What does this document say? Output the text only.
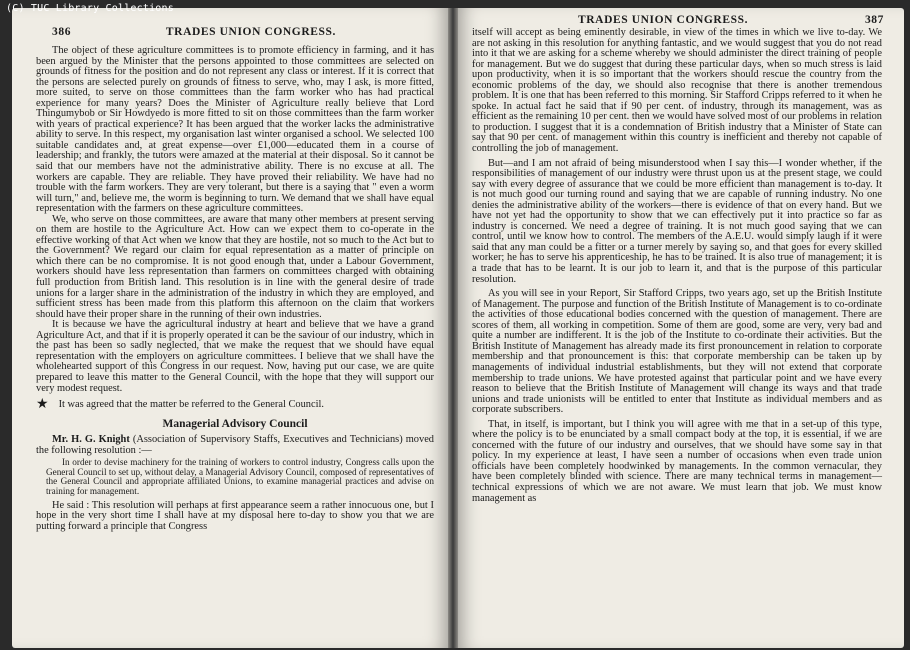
(C) TUC Library Collections
386	TRADES UNION CONGRESS.

The object of these agriculture committees is to promote efficiency in farming, and it has been argued by the Minister that the persons appointed to those committees are selected on grounds of fitness for the position and do not represent any class or interest. If it is correct that the persons are selected purely on grounds of fitness to serve, who, may I ask, is more fitted, more suited, to serve on those committees than the farm worker who has had practical experience for many years? Does the Minister of Agriculture really believe that Lord Thingumybob or Sir Howdyedo is more fitted to sit on those committees than the farm worker with years of practical experience? It has been argued that the worker lacks the administrative ability to serve. In this respect, my organisation last winter organised a school. We selected 100 suitable candidates and, at great expense—over £1,000—educated them in a course of leadership; and frankly, the tutors were amazed at the material at their disposal. So it cannot be said that our members have not the administrative ability. There is no excuse at all. The workers are capable. They are reliable. They have proved their reliability. We have had no trouble with the farm workers. They are very tolerant, but there is a saying that " even a worm will turn," and, believe me, the worm is beginning to turn. We demand that we shall have equal representation with the farmers on these agriculture committees.

We, who serve on those committees, are aware that many other members at present serving on them are hostile to the Agriculture Act. How can we expect them to co-operate in the effective working of that Act when we know that they are hostile, not so much to the Act but to the Government? We regard our claim for equal representation as a matter of principle on which there can be no compromise. It is not good enough that, under a Labour Government, workers should have less representation than farmers on committees charged with obtaining full production from British land. This resolution is in line with the general desire of trade unions for a larger share in the administration of the industry in which they are employed, and sufficient stress has been made from this platform this afternoon on the claim that workers should have their proper share in the running of their own industries.

It is because we have the agricultural industry at heart and believe that we have a grand Agriculture Act, and that if it is properly operated it can be the saviour of our industry, which in the past has been so sadly neglected, that we make the request that we should have equal representation with the employers on agriculture committees. I believe that we shall have the wholehearted support of this Congress in our request. Now, having put our case, we are quite prepared to leave this matter to the General Council, with the hope that they will support our very modest request.

★ It was agreed that the matter be referred to the General Council.
Managerial Advisory Council

Mr. H. G. Knight (Association of Supervisory Staffs, Executives and Technicians) moved the following resolution :—

In order to devise machinery for the training of workers to control industry, Congress calls upon the General Council to set up, without delay, a Managerial Advisory Council, composed of representatives of the General Council and appropriate affiliated Unions, to examine managerial practices and advise on training for management.

He said : This resolution will perhaps at first appearance seem a rather innocuous one, but I hope in the very short time I shall have at my disposal here to-day to show you that we are putting forward a principle that Congress

TRADES UNION CONGRESS.	387

itself will accept as being eminently desirable, in view of the times in which we live to-day. We are not asking in this resolution for anything fantastic, and we would suggest that you do not read into it that we are asking for a scheme whereby we should administer the direct training of people for management. But we do suggest that during these particular days, when so much stress is laid upon productivity, when it is so important that the workers should rescue the country from the economic problems of the day, we should also recognise that there is another tremendous problem. It is one that has been referred to this morning. Sir Stafford Cripps referred to it when he spoke. In actual fact he said that if 90 per cent. of industry, through its management, was as efficient as the remaining 10 per cent. then we would have solved most of our problems in relation to production. I suggest that it is a condemnation of British industry that a Minister of State can say that 90 per cent. of management within this country is inefficient and thereby not capable of controlling the job of management.

But—and I am not afraid of being misunderstood when I say this—I wonder whether, if the responsibilities of management of our industry were thrust upon us at the present stage, we could say with every degree of assurance that we could be more efficient than management is to-day. It is not much good our turning round and saying that we are capable of running industry. No one denies the administrative ability of the workers—there is evidence of that on every hand. But we have not yet had the opportunity to show that we can effectively put it into practice so far as industry is concerned. We need a degree of training. It is not much good saying that we can control, until we know how to control. The members of the A.E.U. would simply laugh if it were said that any man could be a fitter or a turner merely by saying so, and that goes for every skilled worker; he has to serve his apprenticeship, he has to be trained. It is also true of management; it is a trade that has to be learnt. It is our job to learn it, and that is the purpose of this particular resolution.

As you will see in your Report, Sir Stafford Cripps, two years ago, set up the British Institute of Management. The purpose and function of the British Institute of Management is to co-ordinate the activities of those educational bodies concerned with the question of management. There are scores of them, all working in competition. Some of them are good, some are very, very bad and quite a number are indifferent. It is the job of the Institute to co-ordinate their activities. But the British Institute of Management has already made its first pronouncement in relation to corporate membership and that pronouncement is this: that corporate membership can be taken up by managements of individual industrial establishments, but they will not extend that corporate membership to trade unions. We have protested against that particular point and we have every reason to believe that the British Institute of Management will change its ways and that trade unions and trade unionists will be entitled to enter that Institute as individual members and as corporate subscribers.

That, in itself, is important, but I think you will agree with me that in a set-up of this type, where the policy is to be enunciated by a small compact body at the top, it is essential, if we are concerned with the future of our industry and ourselves, that we should have some say in that policy. In my experience at least, I have seen a number of occasions when even trade union officials have been completely hoodwinked by managements. In the common vernacular, they have been completely blinded with science. There are many technical terms in management—technical expressions of which we are not aware. We must learn that job. We must know management as
